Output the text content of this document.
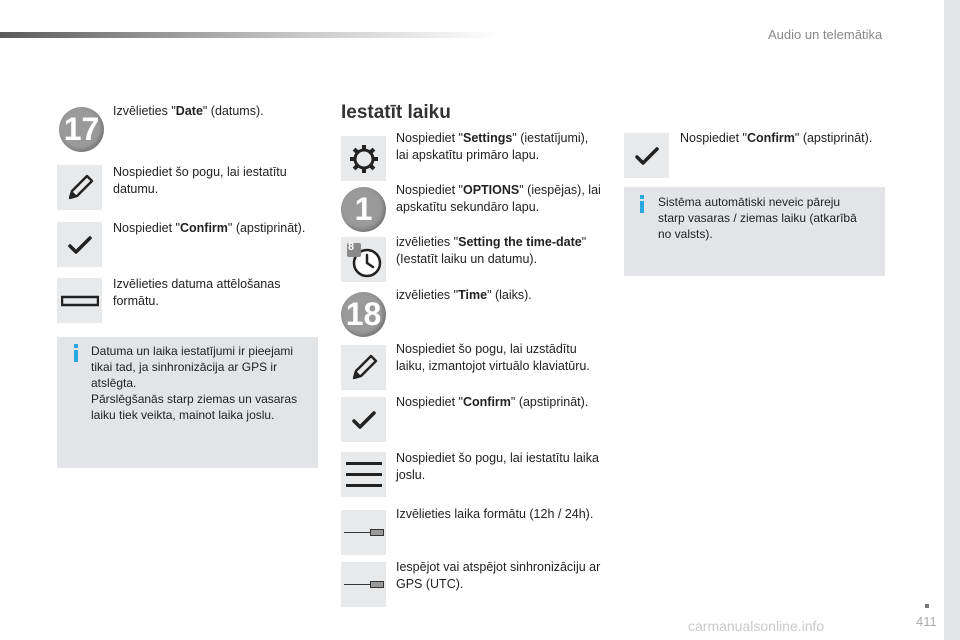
Audio un telemātika
17	Izvēlieties "Date" (datums).
Nospiediet šo pogu, lai iestatītu datumu.
Nospiediet "Confirm" (apstiprināt).
Izvēlieties datuma attēlošanas formātu.
Datuma un laika iestatījumi ir pieejami
tikai tad, ja sinhronizācija ar GPS ir
atslēgta.
Pārslēgšanās starp ziemas un vasaras
laiku tiek veikta, mainot laika joslu.
Iestatīt laiku
Nospiediet "Settings" (iestatījumi),
lai apskatītu primāro lapu.
1
Nospiediet "OPTIONS" (iespējas), lai
apskatītu sekundāro lapu.
8	izvēlieties "Setting the time-date"
(Iestatīt laiku un datumu).
18
izvēlieties "Time" (laiks).
Nospiediet šo pogu, lai uzstādītu laiku, izmantojot virtuālo klaviatūru.
Nospiediet "Confirm" (apstiprināt).
Nospiediet šo pogu, lai iestatītu laika joslu.
Izvēlieties laika formātu (12h / 24h).
Iespējot vai atspējot sinhronizāciju ar GPS (UTC).
Nospiediet "Confirm" (apstiprināt).
Sistēma automātiski neveic pāreju
starp vasaras / ziemas laiku (atkarībā
no valsts).
carmanualsonline.info	411
